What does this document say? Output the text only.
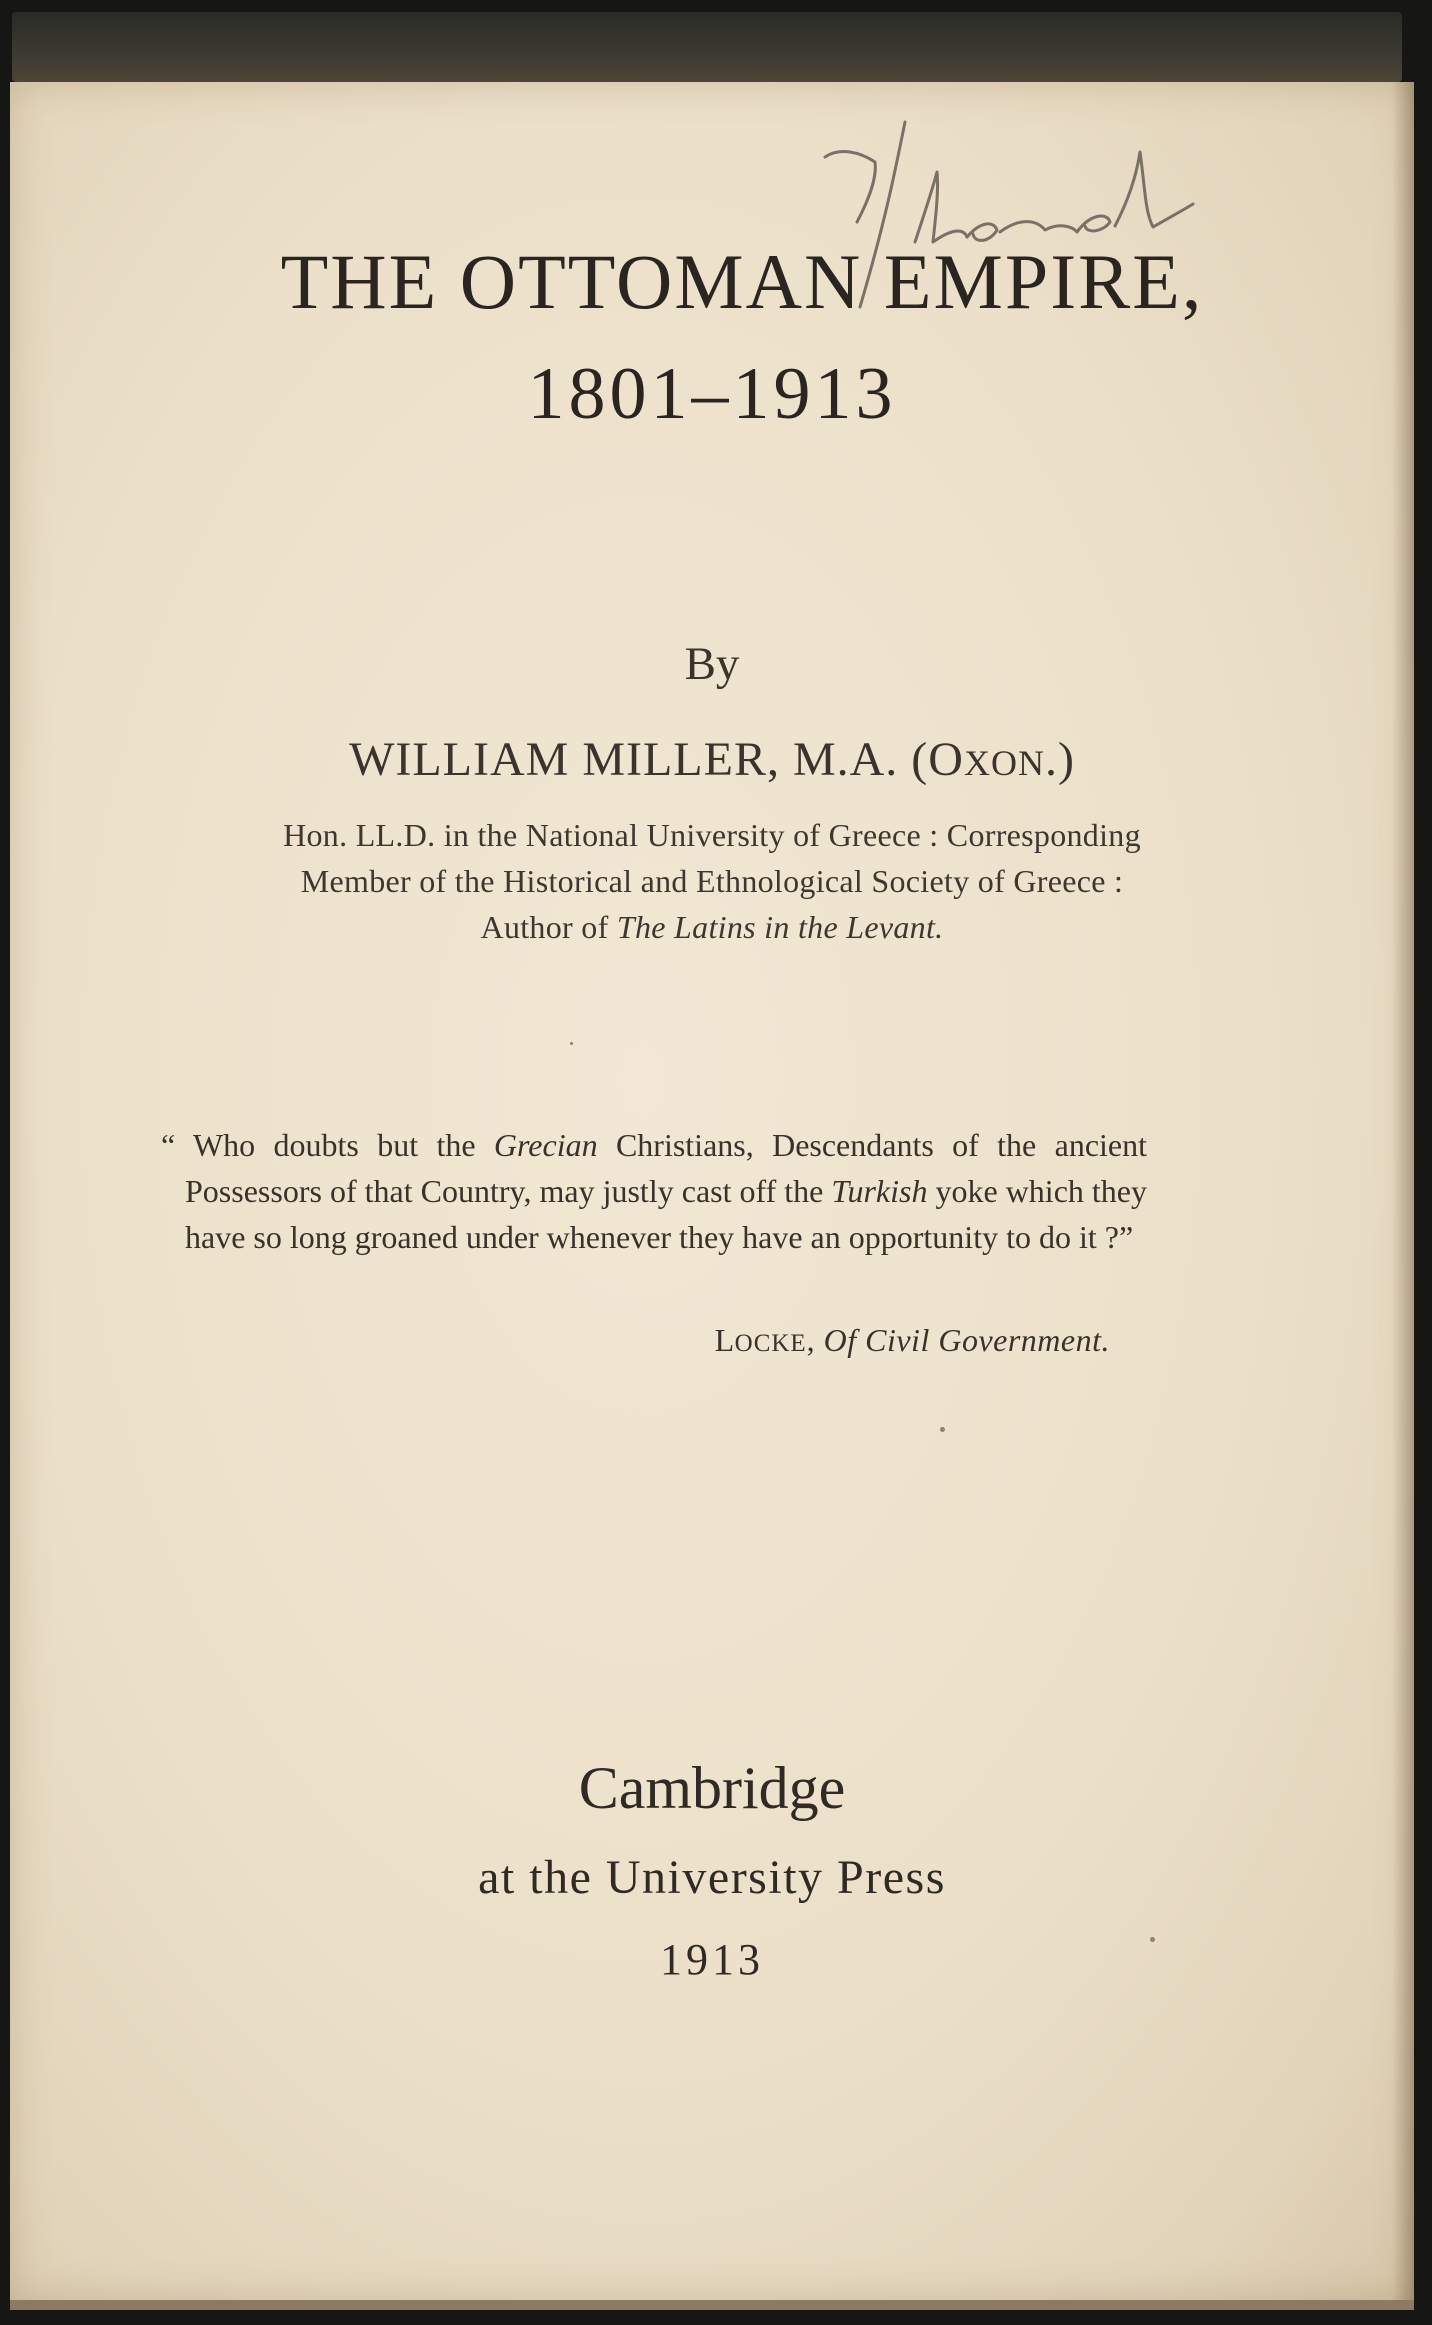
THE OTTOMAN EMPIRE,
1801–1913
By
WILLIAM MILLER, M.A. (OXON.)
Hon. LL.D. in the National University of Greece : Corresponding
Member of the Historical and Ethnological Society of Greece :
Author of The Latins in the Levant.
“ Who doubts but the Grecian Christians, Descendants of the ancient Possessors of that Country, may justly cast off the Turkish yoke which they have so long groaned under whenever they have an opportunity to do it ?”
LOCKE, Of Civil Government.
Cambridge
at the University Press
1913
